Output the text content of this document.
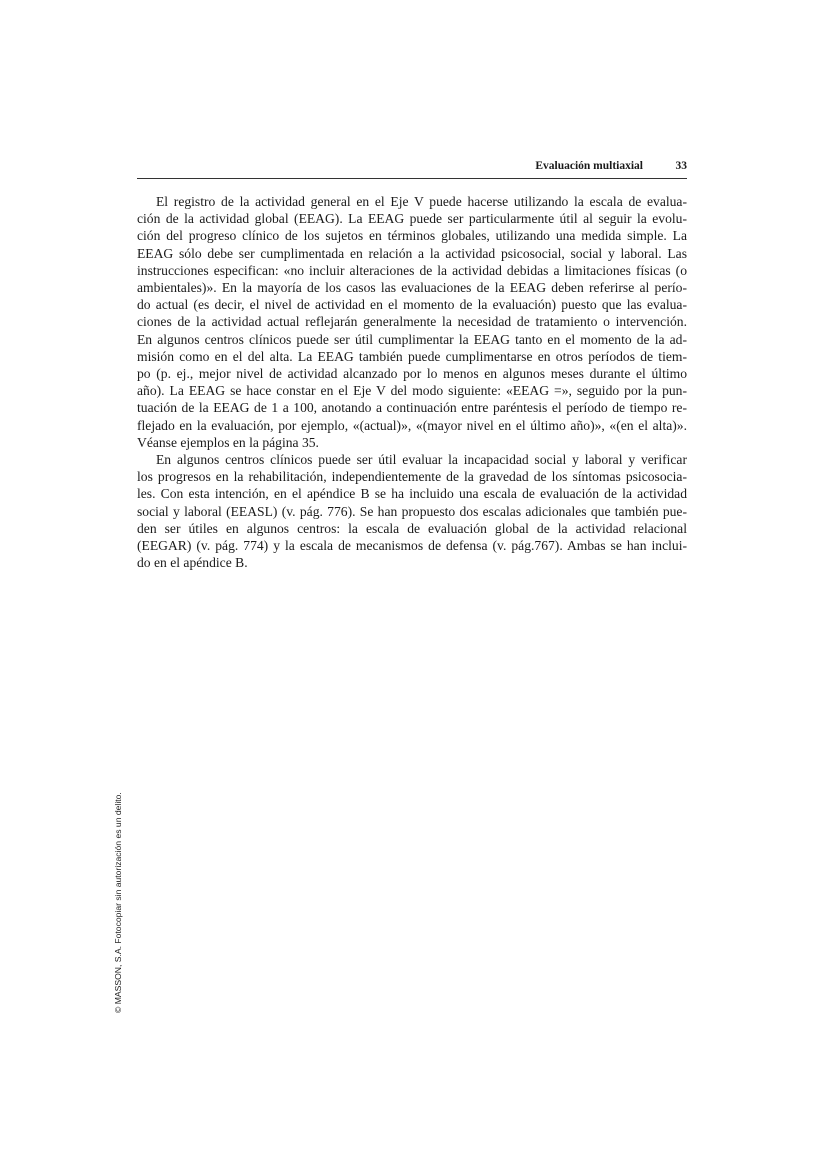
Evaluación multiaxial	33

El registro de la actividad general en el Eje V puede hacerse utilizando la escala de evalua-
ción de la actividad global (EEAG). La EEAG puede ser particularmente útil al seguir la evolu-
ción del progreso clínico de los sujetos en términos globales, utilizando una medida simple. La
EEAG sólo debe ser cumplimentada en relación a la actividad psicosocial, social y laboral. Las
instrucciones especifican: «no incluir alteraciones de la actividad debidas a limitaciones físicas (o
ambientales)». En la mayoría de los casos las evaluaciones de la EEAG deben referirse al perío-
do actual (es decir, el nivel de actividad en el momento de la evaluación) puesto que las evalua-
ciones de la actividad actual reflejarán generalmente la necesidad de tratamiento o intervención.
En algunos centros clínicos puede ser útil cumplimentar la EEAG tanto en el momento de la ad-
misión como en el del alta. La EEAG también puede cumplimentarse en otros períodos de tiem-
po (p. ej., mejor nivel de actividad alcanzado por lo menos en algunos meses durante el último
año). La EEAG se hace constar en el Eje V del modo siguiente: «EEAG =», seguido por la pun-
tuación de la EEAG de 1 a 100, anotando a continuación entre paréntesis el período de tiempo re-
flejado en la evaluación, por ejemplo, «(actual)», «(mayor nivel en el último año)», «(en el alta)».
Véanse ejemplos en la página 35.

En algunos centros clínicos puede ser útil evaluar la incapacidad social y laboral y verificar
los progresos en la rehabilitación, independientemente de la gravedad de los síntomas psicosocia-
les. Con esta intención, en el apéndice B se ha incluido una escala de evaluación de la actividad
social y laboral (EEASL) (v. pág. 776). Se han propuesto dos escalas adicionales que también pue-
den ser útiles en algunos centros: la escala de evaluación global de la actividad relacional
(EEGAR) (v. pág. 774) y la escala de mecanismos de defensa (v. pág.767). Ambas se han inclui-
do en el apéndice B.

© MASSON, S.A. Fotocopiar sin autorización es un delito.
